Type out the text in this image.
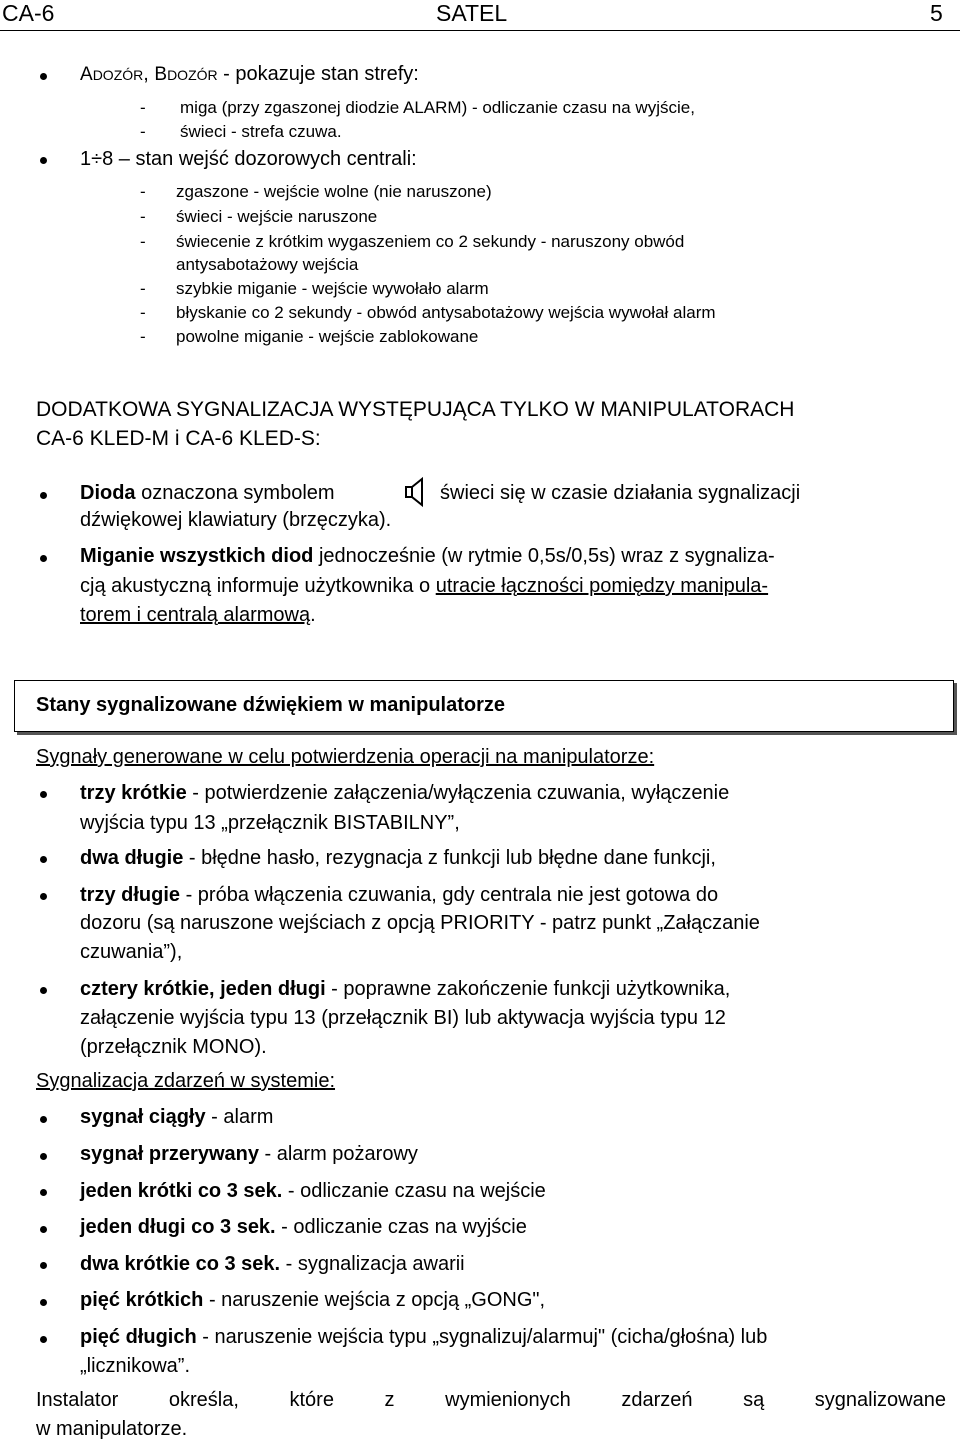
CA-6	SATEL	5
ADOZÓR, BDOZÓR - pokazuje stan strefy:
- miga (przy zgaszonej diodzie ALARM) - odliczanie czasu na wyjście,
- świeci - strefa czuwa.
1÷8 – stan wejść dozorowych centrali:
- zgaszone - wejście wolne (nie naruszone)
- świeci - wejście naruszone
- świecenie z krótkim wygaszeniem co 2 sekundy - naruszony obwód
antysabotażowy wejścia
- szybkie miganie - wejście wywołało alarm
- błyskanie co 2 sekundy - obwód antysabotażowy wejścia wywołał alarm
- powolne miganie - wejście zablokowane
DODATKOWA SYGNALIZACJA WYSTĘPUJĄCA TYLKO W MANIPULATORACH
CA-6 KLED-M i CA-6 KLED-S:
Dioda oznaczona symbolem	świeci się w czasie działania sygnalizacji
dźwiękowej klawiatury (brzęczyka).
Miganie wszystkich diod jednocześnie (w rytmie 0,5s/0,5s) wraz z sygnaliza-
cją akustyczną informuje użytkownika o utracie łączności pomiędzy manipula-
torem i centralą alarmową.
Stany sygnalizowane dźwiękiem w manipulatorze
Sygnały generowane w celu potwierdzenia operacji na manipulatorze:
trzy krótkie - potwierdzenie załączenia/wyłączenia czuwania, wyłączenie
wyjścia typu 13 „przełącznik BISTABILNY”,
dwa długie - błędne hasło, rezygnacja z funkcji lub błędne dane funkcji,
trzy długie - próba włączenia czuwania, gdy centrala nie jest gotowa do
dozoru (są naruszone wejściach z opcją PRIORITY - patrz punkt „Załączanie
czuwania”),
cztery krótkie, jeden długi - poprawne zakończenie funkcji użytkownika,
załączenie wyjścia typu 13 (przełącznik BI) lub aktywacja wyjścia typu 12
(przełącznik MONO).
Sygnalizacja zdarzeń w systemie:
sygnał ciągły - alarm
sygnał przerywany - alarm pożarowy
jeden krótki co 3 sek. - odliczanie czasu na wejście
jeden długi co 3 sek. - odliczanie czas na wyjście
dwa krótkie co 3 sek. - sygnalizacja awarii
pięć krótkich - naruszenie wejścia z opcją „GONG",
pięć długich - naruszenie wejścia typu „sygnalizuj/alarmuj" (cicha/głośna) lub
„licznikowa”.
Instalator określa, które z wymienionych zdarzeń są sygnalizowane
w manipulatorze.
